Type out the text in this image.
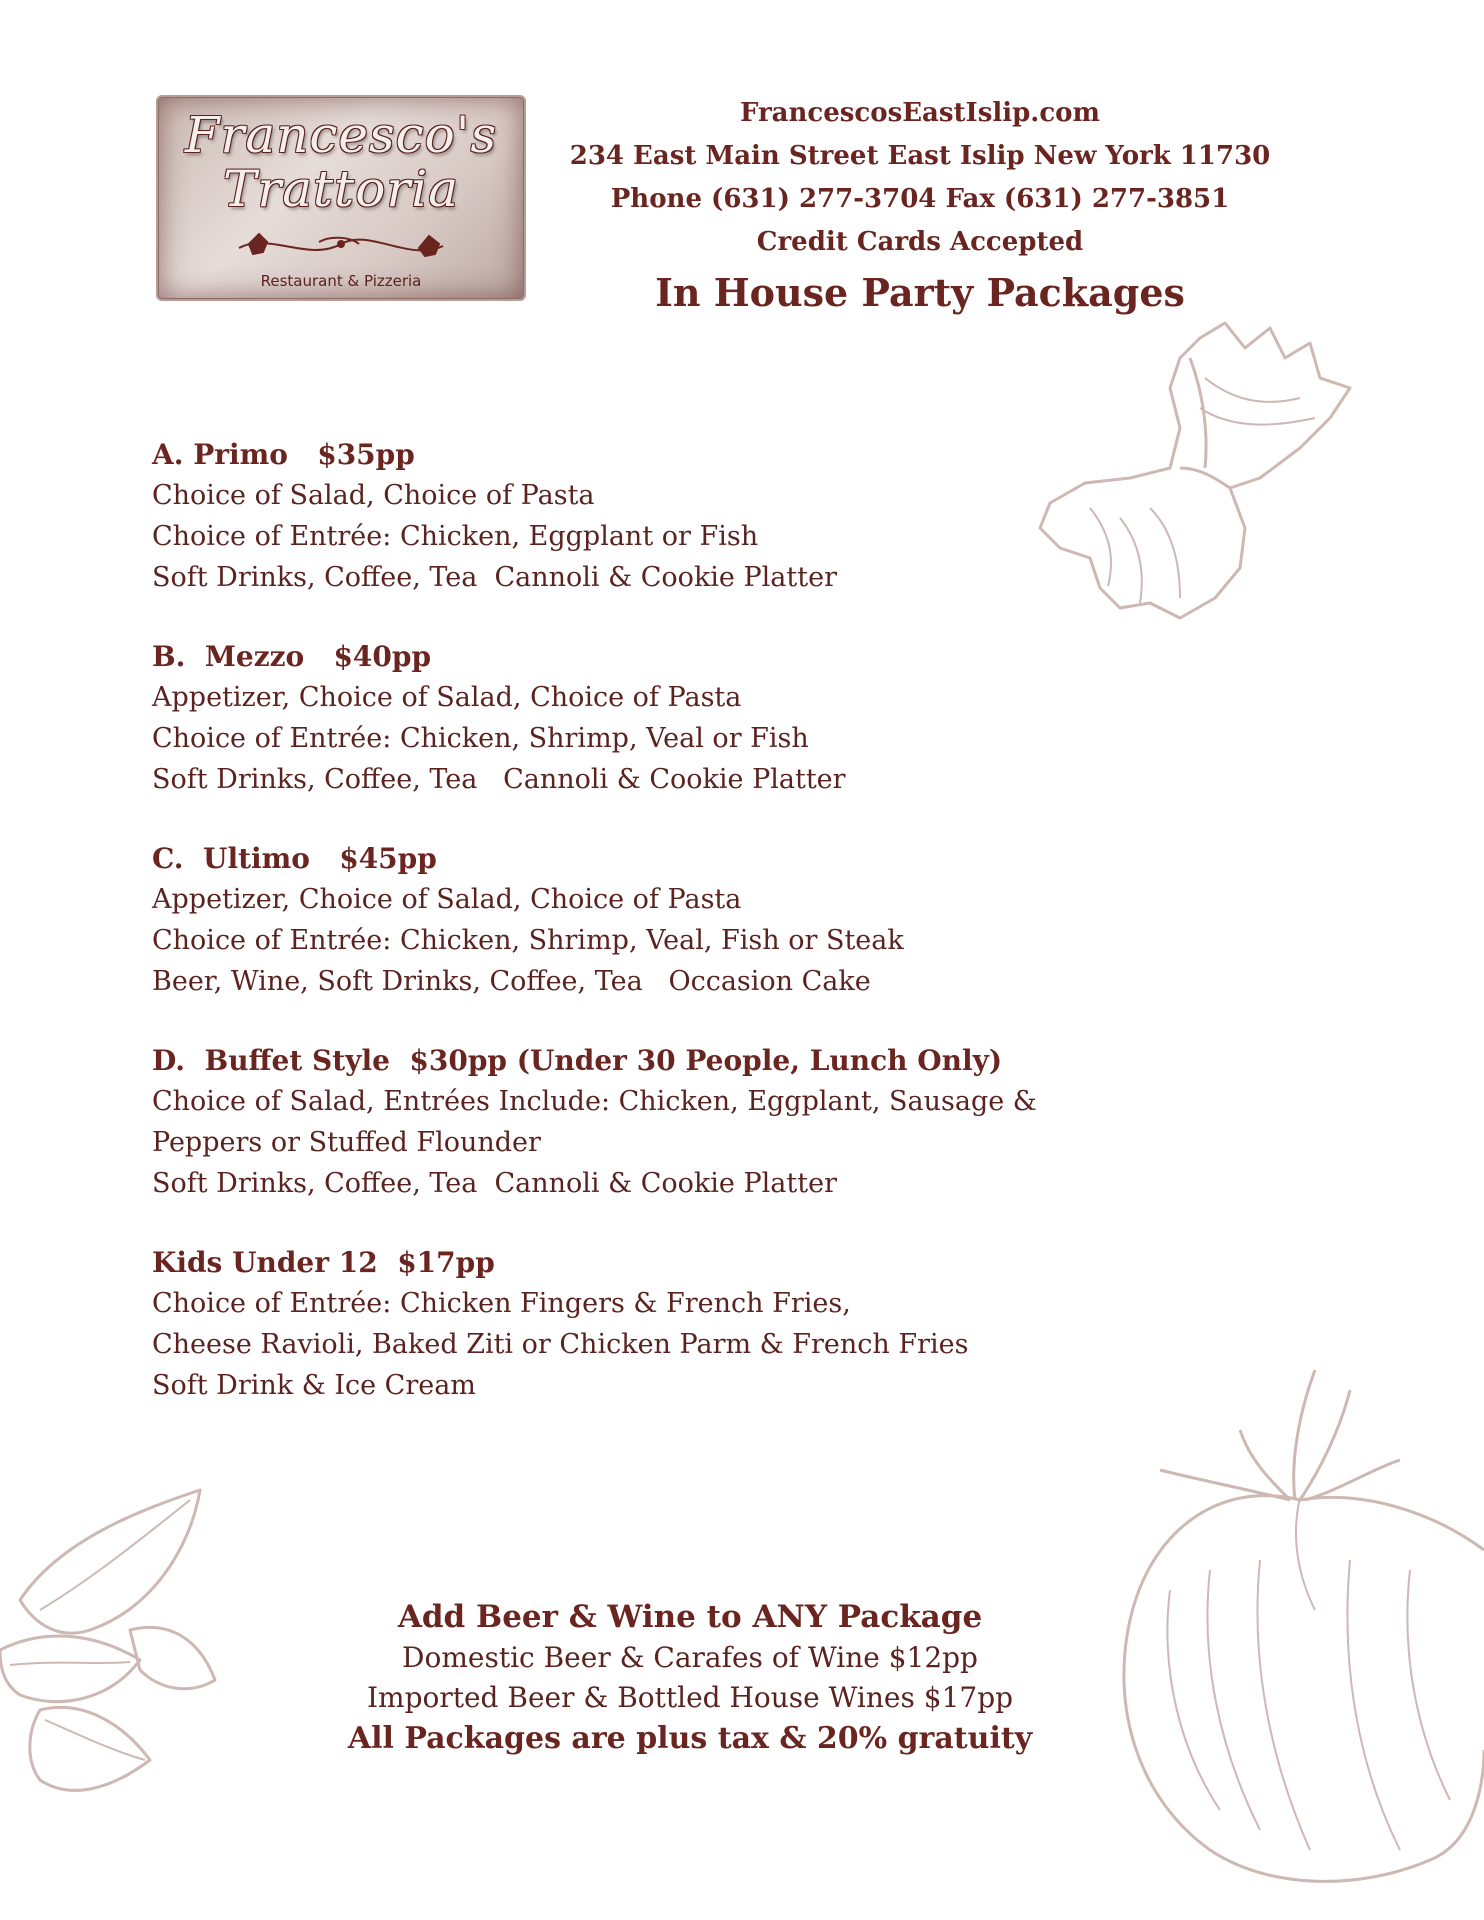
Francesco's
Trattoria
Restaurant & Pizzeria
FrancescosEastIslip.com
234 East Main Street East Islip New York 11730
Phone (631) 277-3704 Fax (631) 277-3851
Credit Cards Accepted
In House Party Packages
A. Primo   $35pp
Choice of Salad, Choice of Pasta
Choice of Entrée: Chicken, Eggplant or Fish
Soft Drinks, Coffee, Tea  Cannoli & Cookie Platter
B.  Mezzo   $40pp
Appetizer, Choice of Salad, Choice of Pasta
Choice of Entrée: Chicken, Shrimp, Veal or Fish
Soft Drinks, Coffee, Tea   Cannoli & Cookie Platter
C.  Ultimo   $45pp
Appetizer, Choice of Salad, Choice of Pasta
Choice of Entrée: Chicken, Shrimp, Veal, Fish or Steak
Beer, Wine, Soft Drinks, Coffee, Tea   Occasion Cake
D.  Buffet Style  $30pp (Under 30 People, Lunch Only)
Choice of Salad, Entrées Include: Chicken, Eggplant, Sausage &
Peppers or Stuffed Flounder
Soft Drinks, Coffee, Tea  Cannoli & Cookie Platter
Kids Under 12  $17pp
Choice of Entrée: Chicken Fingers & French Fries,
Cheese Ravioli, Baked Ziti or Chicken Parm & French Fries
Soft Drink & Ice Cream
Add Beer & Wine to ANY Package
Domestic Beer & Carafes of Wine $12pp
Imported Beer & Bottled House Wines $17pp
All Packages are plus tax & 20% gratuity
